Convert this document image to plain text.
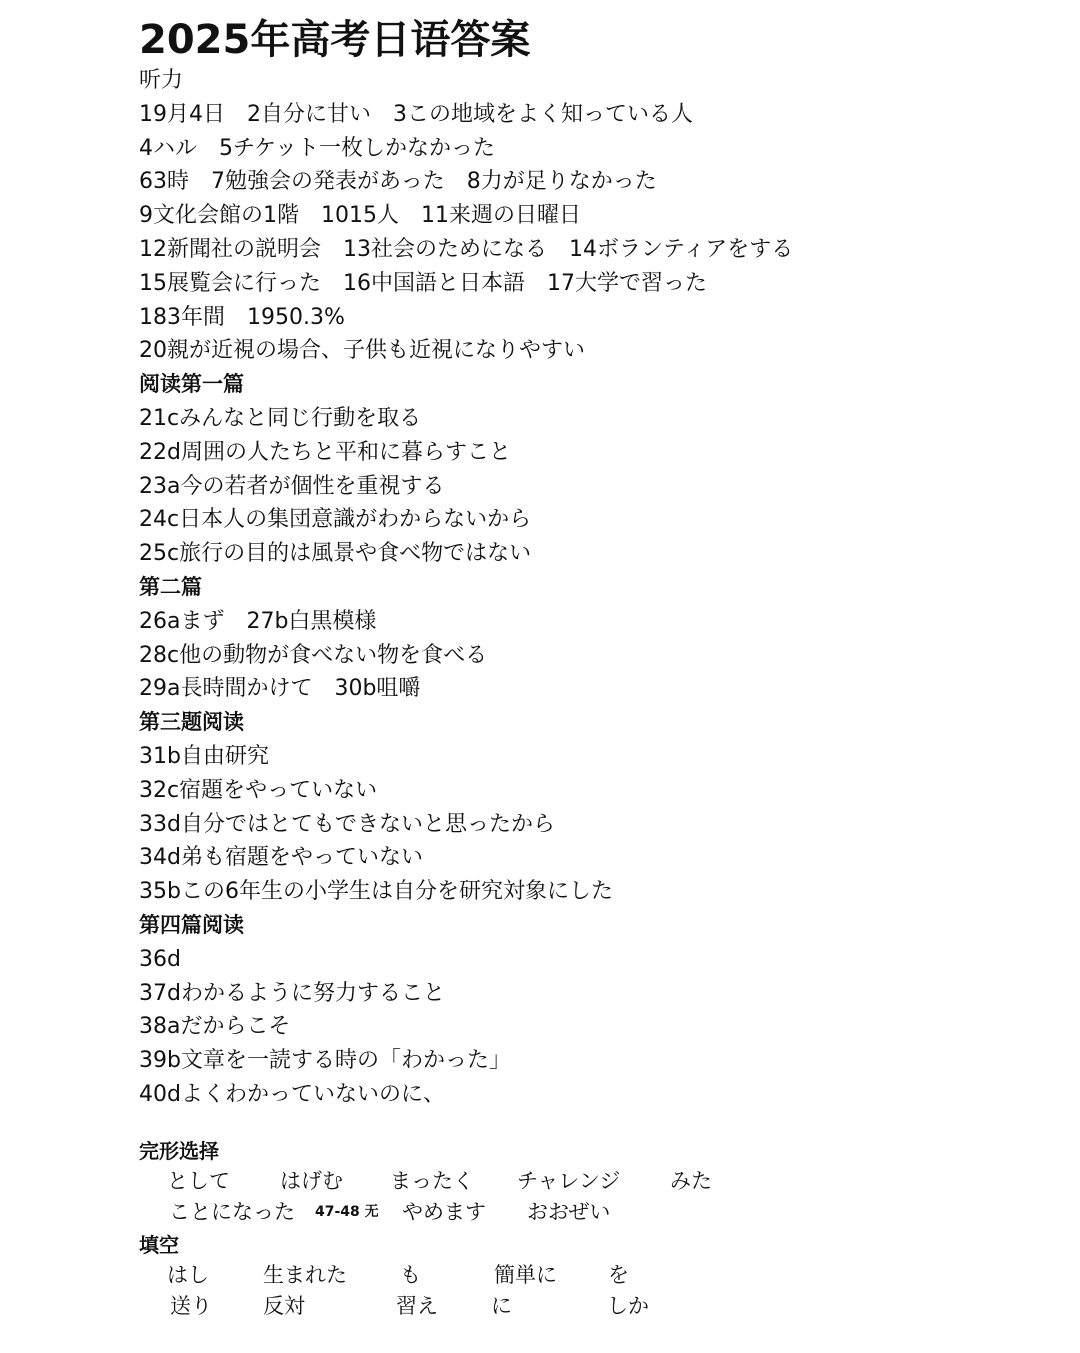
2025年高考日语答案
听力
19月4日　2自分に甘い　3この地域をよく知っている人
4ハル　5チケット一枚しかなかった
63時　7勉強会の発表があった　8力が足りなかった
9文化会館の1階　1015人　11来週の日曜日
12新聞社の説明会　13社会のためになる　14ボランティアをする
15展覧会に行った　16中国語と日本語　17大学で習った
183年間　1950.3%
20親が近視の場合、子供も近視になりやすい
阅读第一篇
21cみんなと同じ行動を取る
22d周囲の人たちと平和に暮らすこと
23a今の若者が個性を重視する
24c日本人の集団意識がわからないから
25c旅行の目的は風景や食べ物ではない
第二篇
26aまず　27b白黒模様
28c他の動物が食べない物を食べる
29a長時間かけて　30b咀嚼
第三题阅读
31b自由研究
32c宿題をやっていない
33d自分ではとてもできないと思ったから
34d弟も宿題をやっていない
35bこの6年生の小学生は自分を研究対象にした
第四篇阅读
36d
37dわかるように努力すること
38aだからこそ
39b文章を一読する時の「わかった」
40dよくわかっていないのに、
完形选择
として はげむ まったく チャレンジ みた
ことになった 47-48 无 やめます おおぜい
填空
はし	生まれた	も	簡単に を
送り 反対	習え	に	しか
